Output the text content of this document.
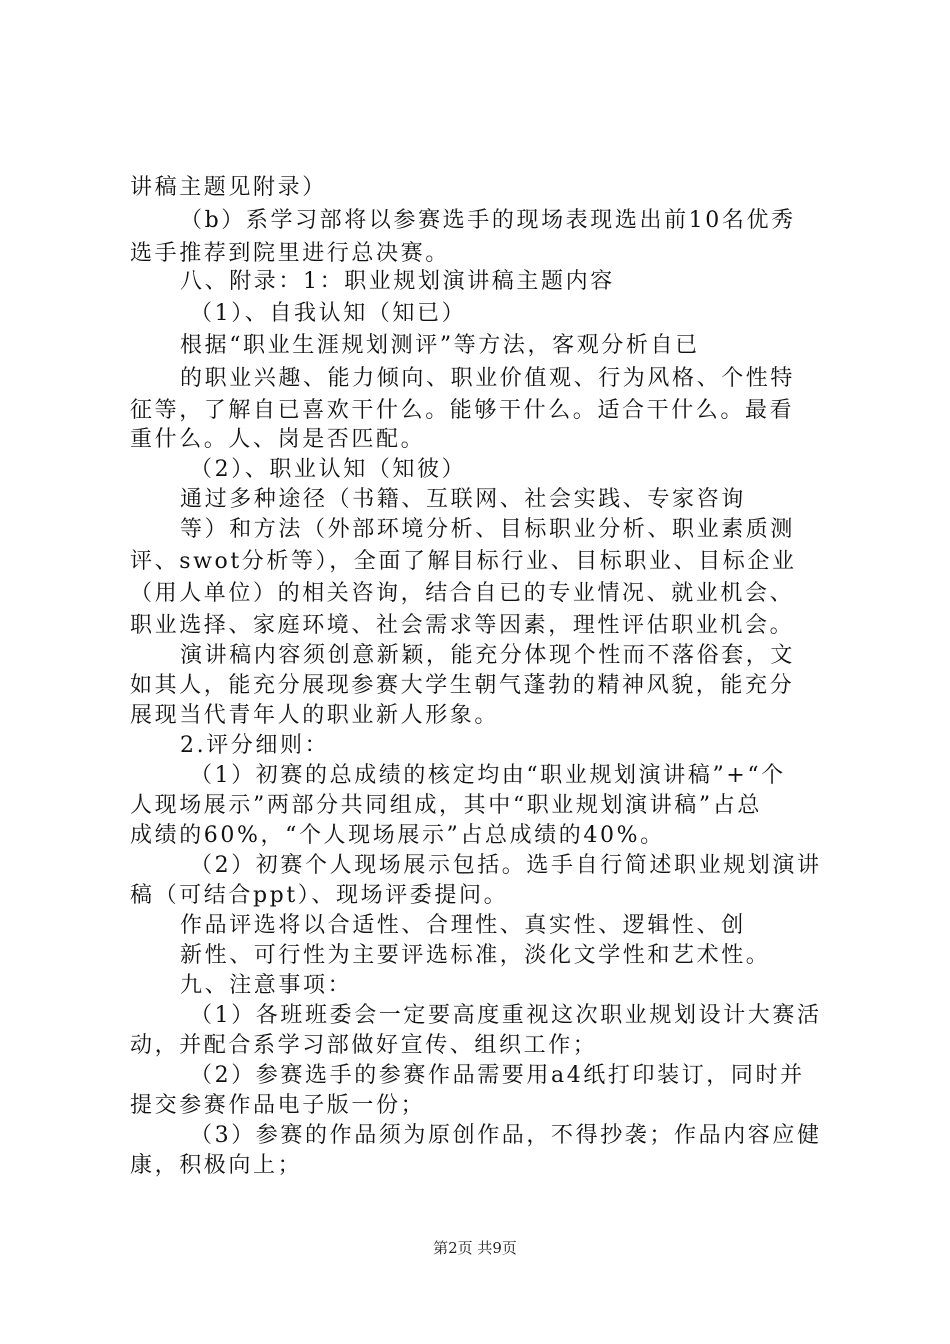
讲稿主题见附录）
（b）系学习部将以参赛选手的现场表现选出前10名优秀
选手推荐到院里进行总决赛。
八、附录：1：职业规划演讲稿主题内容
（1）、自我认知（知已）
根据“职业生涯规划测评”等方法，客观分析自已
的职业兴趣、能力倾向、职业价值观、行为风格、个性特
征等，了解自已喜欢干什么。能够干什么。适合干什么。最看
重什么。人、岗是否匹配。
（2）、职业认知（知彼）
通过多种途径（书籍、互联网、社会实践、专家咨询
等）和方法（外部环境分析、目标职业分析、职业素质测
评、swot分析等），全面了解目标行业、目标职业、目标企业
（用人单位）的相关咨询，结合自已的专业情况、就业机会、
职业选择、家庭环境、社会需求等因素，理性评估职业机会。
演讲稿内容须创意新颖，能充分体现个性而不落俗套，文
如其人，能充分展现参赛大学生朝气蓬勃的精神风貌，能充分
展现当代青年人的职业新人形象。
2.评分细则：
（1）初赛的总成绩的核定均由“职业规划演讲稿”+“个
人现场展示”两部分共同组成，其中“职业规划演讲稿”占总
成绩的60%，“个人现场展示”占总成绩的40%。
（2）初赛个人现场展示包括。选手自行简述职业规划演讲
稿（可结合ppt）、现场评委提问。
作品评选将以合适性、合理性、真实性、逻辑性、创
新性、可行性为主要评选标准，淡化文学性和艺术性。
九、注意事项：
（1）各班班委会一定要高度重视这次职业规划设计大赛活
动，并配合系学习部做好宣传、组织工作；
（2）参赛选手的参赛作品需要用a4纸打印装订，同时并
提交参赛作品电子版一份；
（3）参赛的作品须为原创作品，不得抄袭；作品内容应健
康，积极向上；
第2页 共9页
